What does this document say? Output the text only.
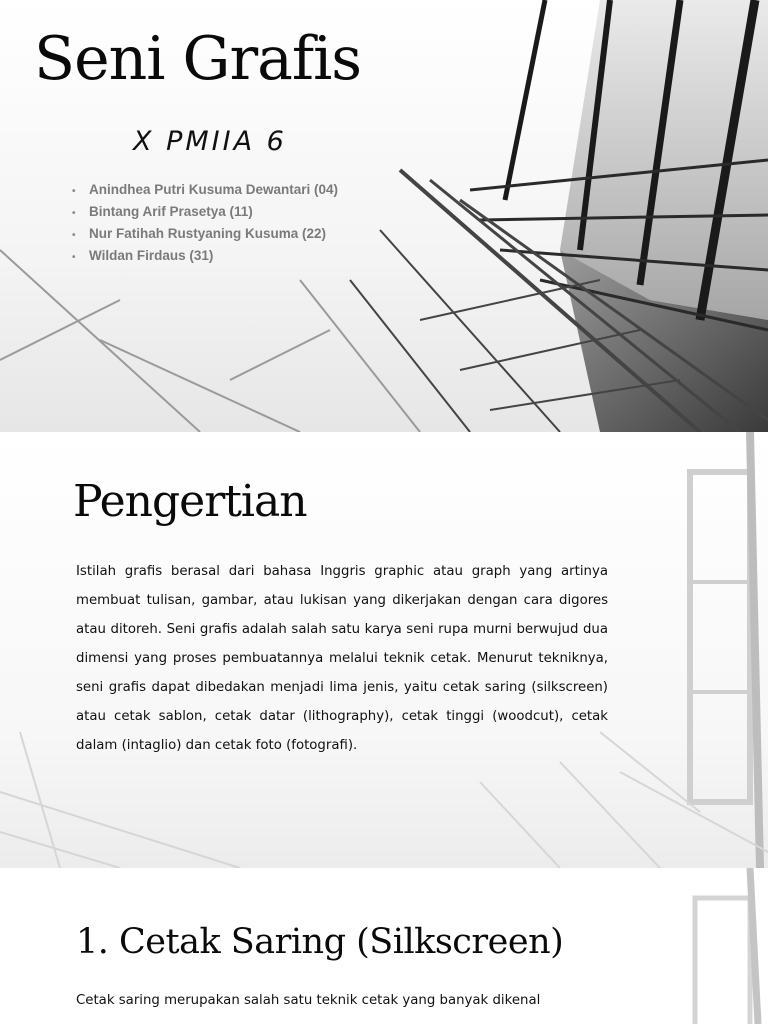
Seni Grafis
X PMIIA 6
• Anindhea Putri Kusuma Dewantari (04)
• Bintang Arif Prasetya (11)
• Nur Fatihah Rustyaning Kusuma (22)
• Wildan Firdaus (31)
Pengertian

Istilah grafis berasal dari bahasa Inggris graphic atau graph yang artinya membuat tulisan, gambar, atau lukisan yang dikerjakan dengan cara digores atau ditoreh. Seni grafis adalah salah satu karya seni rupa murni berwujud dua dimensi yang proses pembuatannya melalui teknik cetak. Menurut tekniknya, seni grafis dapat dibedakan menjadi lima jenis, yaitu cetak saring (silkscreen) atau cetak sablon, cetak datar (lithography), cetak tinggi (woodcut), cetak dalam (intaglio) dan cetak foto (fotografi).

1. Cetak Saring (Silkscreen)

Cetak saring merupakan salah satu teknik cetak yang banyak dikenal
